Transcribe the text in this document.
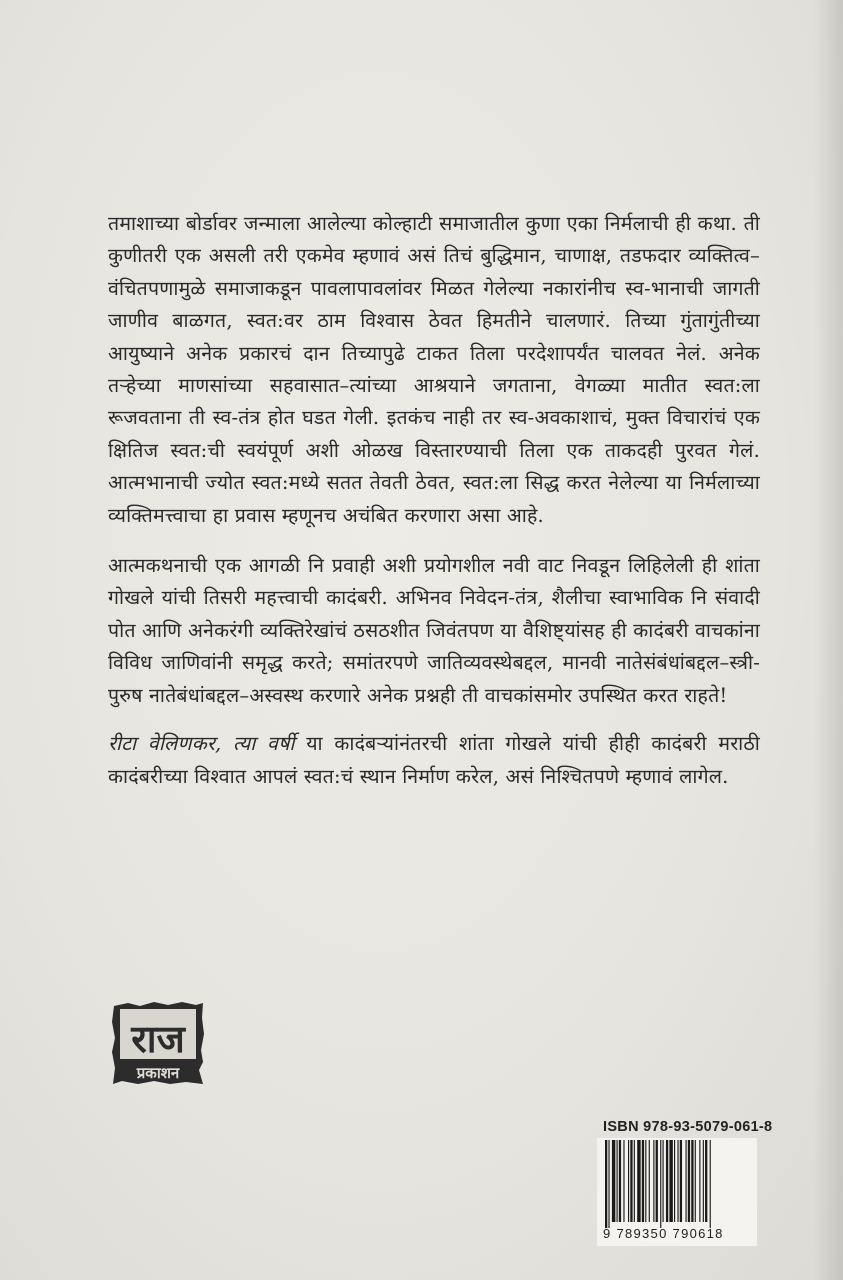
तमाशाच्या बोर्डावर जन्माला आलेल्या कोल्हाटी समाजातील कुणा एका निर्मलाची ही कथा. ती कुणीतरी एक असली तरी एकमेव म्हणावं असं तिचं बुद्धिमान, चाणाक्ष, तडफदार व्यक्तित्व–वंचितपणामुळे समाजाकडून पावलापावलांवर मिळत गेलेल्या नकारांनीच स्व-भानाची जागती जाणीव बाळगत, स्वत:वर ठाम विश्वास ठेवत हिमतीने चालणारं. तिच्या गुंतागुंतीच्या आयुष्याने अनेक प्रकारचं दान तिच्यापुढे टाकत तिला परदेशापर्यंत चालवत नेलं. अनेक तऱ्हेच्या माणसांच्या सहवासात–त्यांच्या आश्रयाने जगताना, वेगळ्या मातीत स्वत:ला रूजवताना ती स्व-तंत्र होत घडत गेली. इतकंच नाही तर स्व-अवकाशाचं, मुक्त विचारांचं एक क्षितिज स्वत:ची स्वयंपूर्ण अशी ओळख विस्तारण्याची तिला एक ताकदही पुरवत गेलं. आत्मभानाची ज्योत स्वत:मध्ये सतत तेवती ठेवत, स्वत:ला सिद्ध करत नेलेल्या या निर्मलाच्या व्यक्तिमत्त्वाचा हा प्रवास म्हणूनच अचंबित करणारा असा आहे.

आत्मकथनाची एक आगळी नि प्रवाही अशी प्रयोगशील नवी वाट निवडून लिहिलेली ही शांता गोखले यांची तिसरी महत्त्वाची कादंबरी. अभिनव निवेदन-तंत्र, शैलीचा स्वाभाविक नि संवादी पोत आणि अनेकरंगी व्यक्तिरेखांचं ठसठशीत जिवंतपण या वैशिष्ट्यांसह ही कादंबरी वाचकांना विविध जाणिवांनी समृद्ध करते; समांतरपणे जातिव्यवस्थेबद्दल, मानवी नातेसंबंधांबद्दल–स्त्री-पुरुष नातेबंधांबद्दल–अस्वस्थ करणारे अनेक प्रश्नही ती वाचकांसमोर उपस्थित करत राहते!

रीटा वेलिणकर, त्या वर्षी या कादंबऱ्यांनंतरची शांता गोखले यांची हीही कादंबरी मराठी कादंबरीच्या विश्वात आपलं स्वत:चं स्थान निर्माण करेल, असं निश्चितपणे म्हणावं लागेल.

राज
प्रकाशन
ISBN 978-93-5079-061-8
9 789350 790618
